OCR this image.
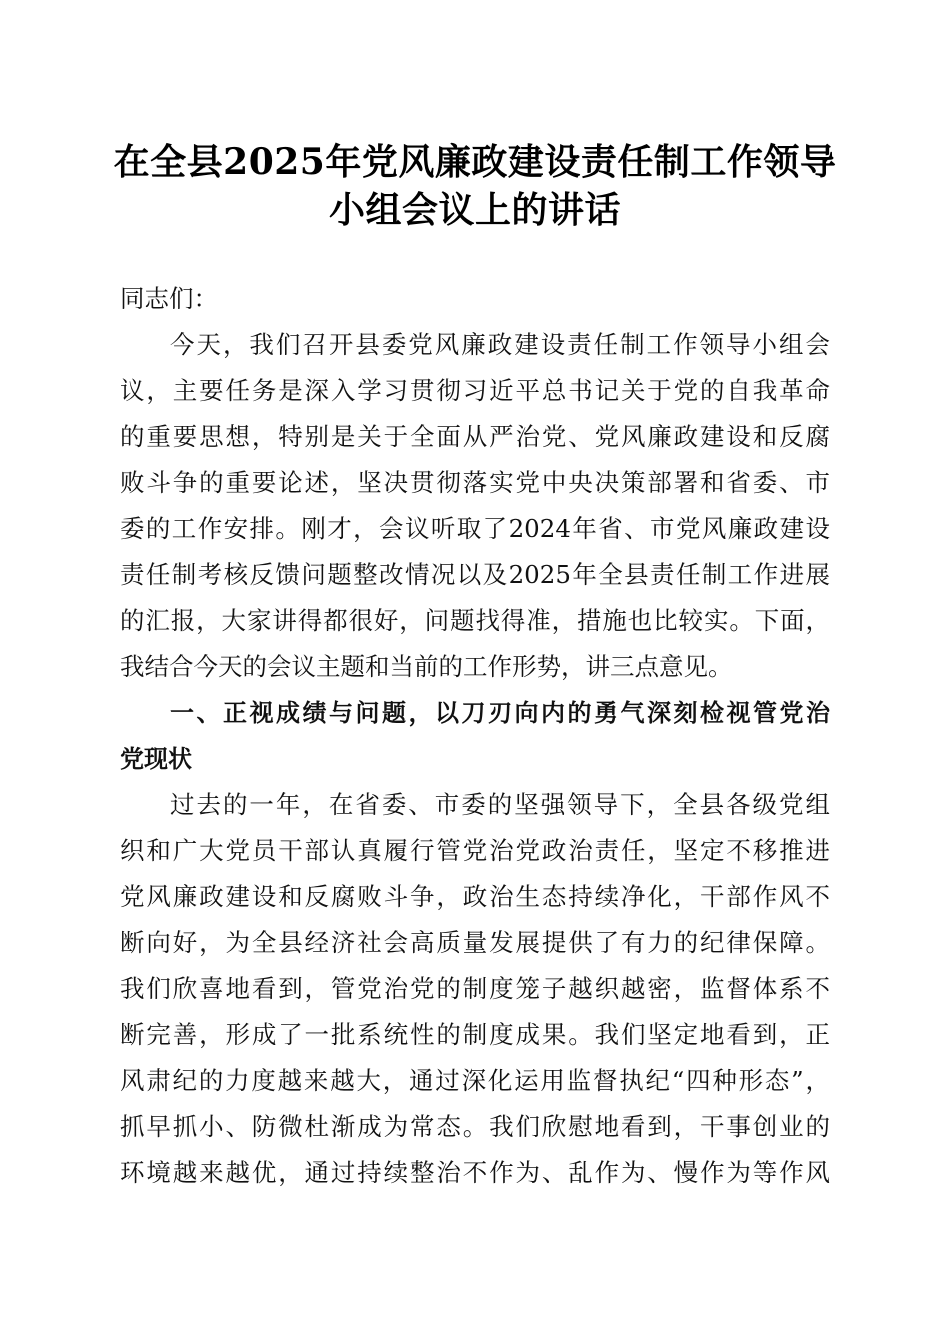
在全县2025年党风廉政建设责任制工作领导
小组会议上的讲话
同志们：
今天，我们召开县委党风廉政建设责任制工作领导小组会
议，主要任务是深入学习贯彻习近平总书记关于党的自我革命
的重要思想，特别是关于全面从严治党、党风廉政建设和反腐
败斗争的重要论述，坚决贯彻落实党中央决策部署和省委、市
委的工作安排。刚才，会议听取了2024年省、市党风廉政建设
责任制考核反馈问题整改情况以及2025年全县责任制工作进展
的汇报，大家讲得都很好，问题找得准，措施也比较实。下面，
我结合今天的会议主题和当前的工作形势，讲三点意见。
一、正视成绩与问题，以刀刃向内的勇气深刻检视管党治
党现状
过去的一年，在省委、市委的坚强领导下，全县各级党组
织和广大党员干部认真履行管党治党政治责任，坚定不移推进
党风廉政建设和反腐败斗争，政治生态持续净化，干部作风不
断向好，为全县经济社会高质量发展提供了有力的纪律保障。
我们欣喜地看到，管党治党的制度笼子越织越密，监督体系不
断完善，形成了一批系统性的制度成果。我们坚定地看到，正
风肃纪的力度越来越大，通过深化运用监督执纪“四种形态”，
抓早抓小、防微杜渐成为常态。我们欣慰地看到，干事创业的
环境越来越优，通过持续整治不作为、乱作为、慢作为等作风
